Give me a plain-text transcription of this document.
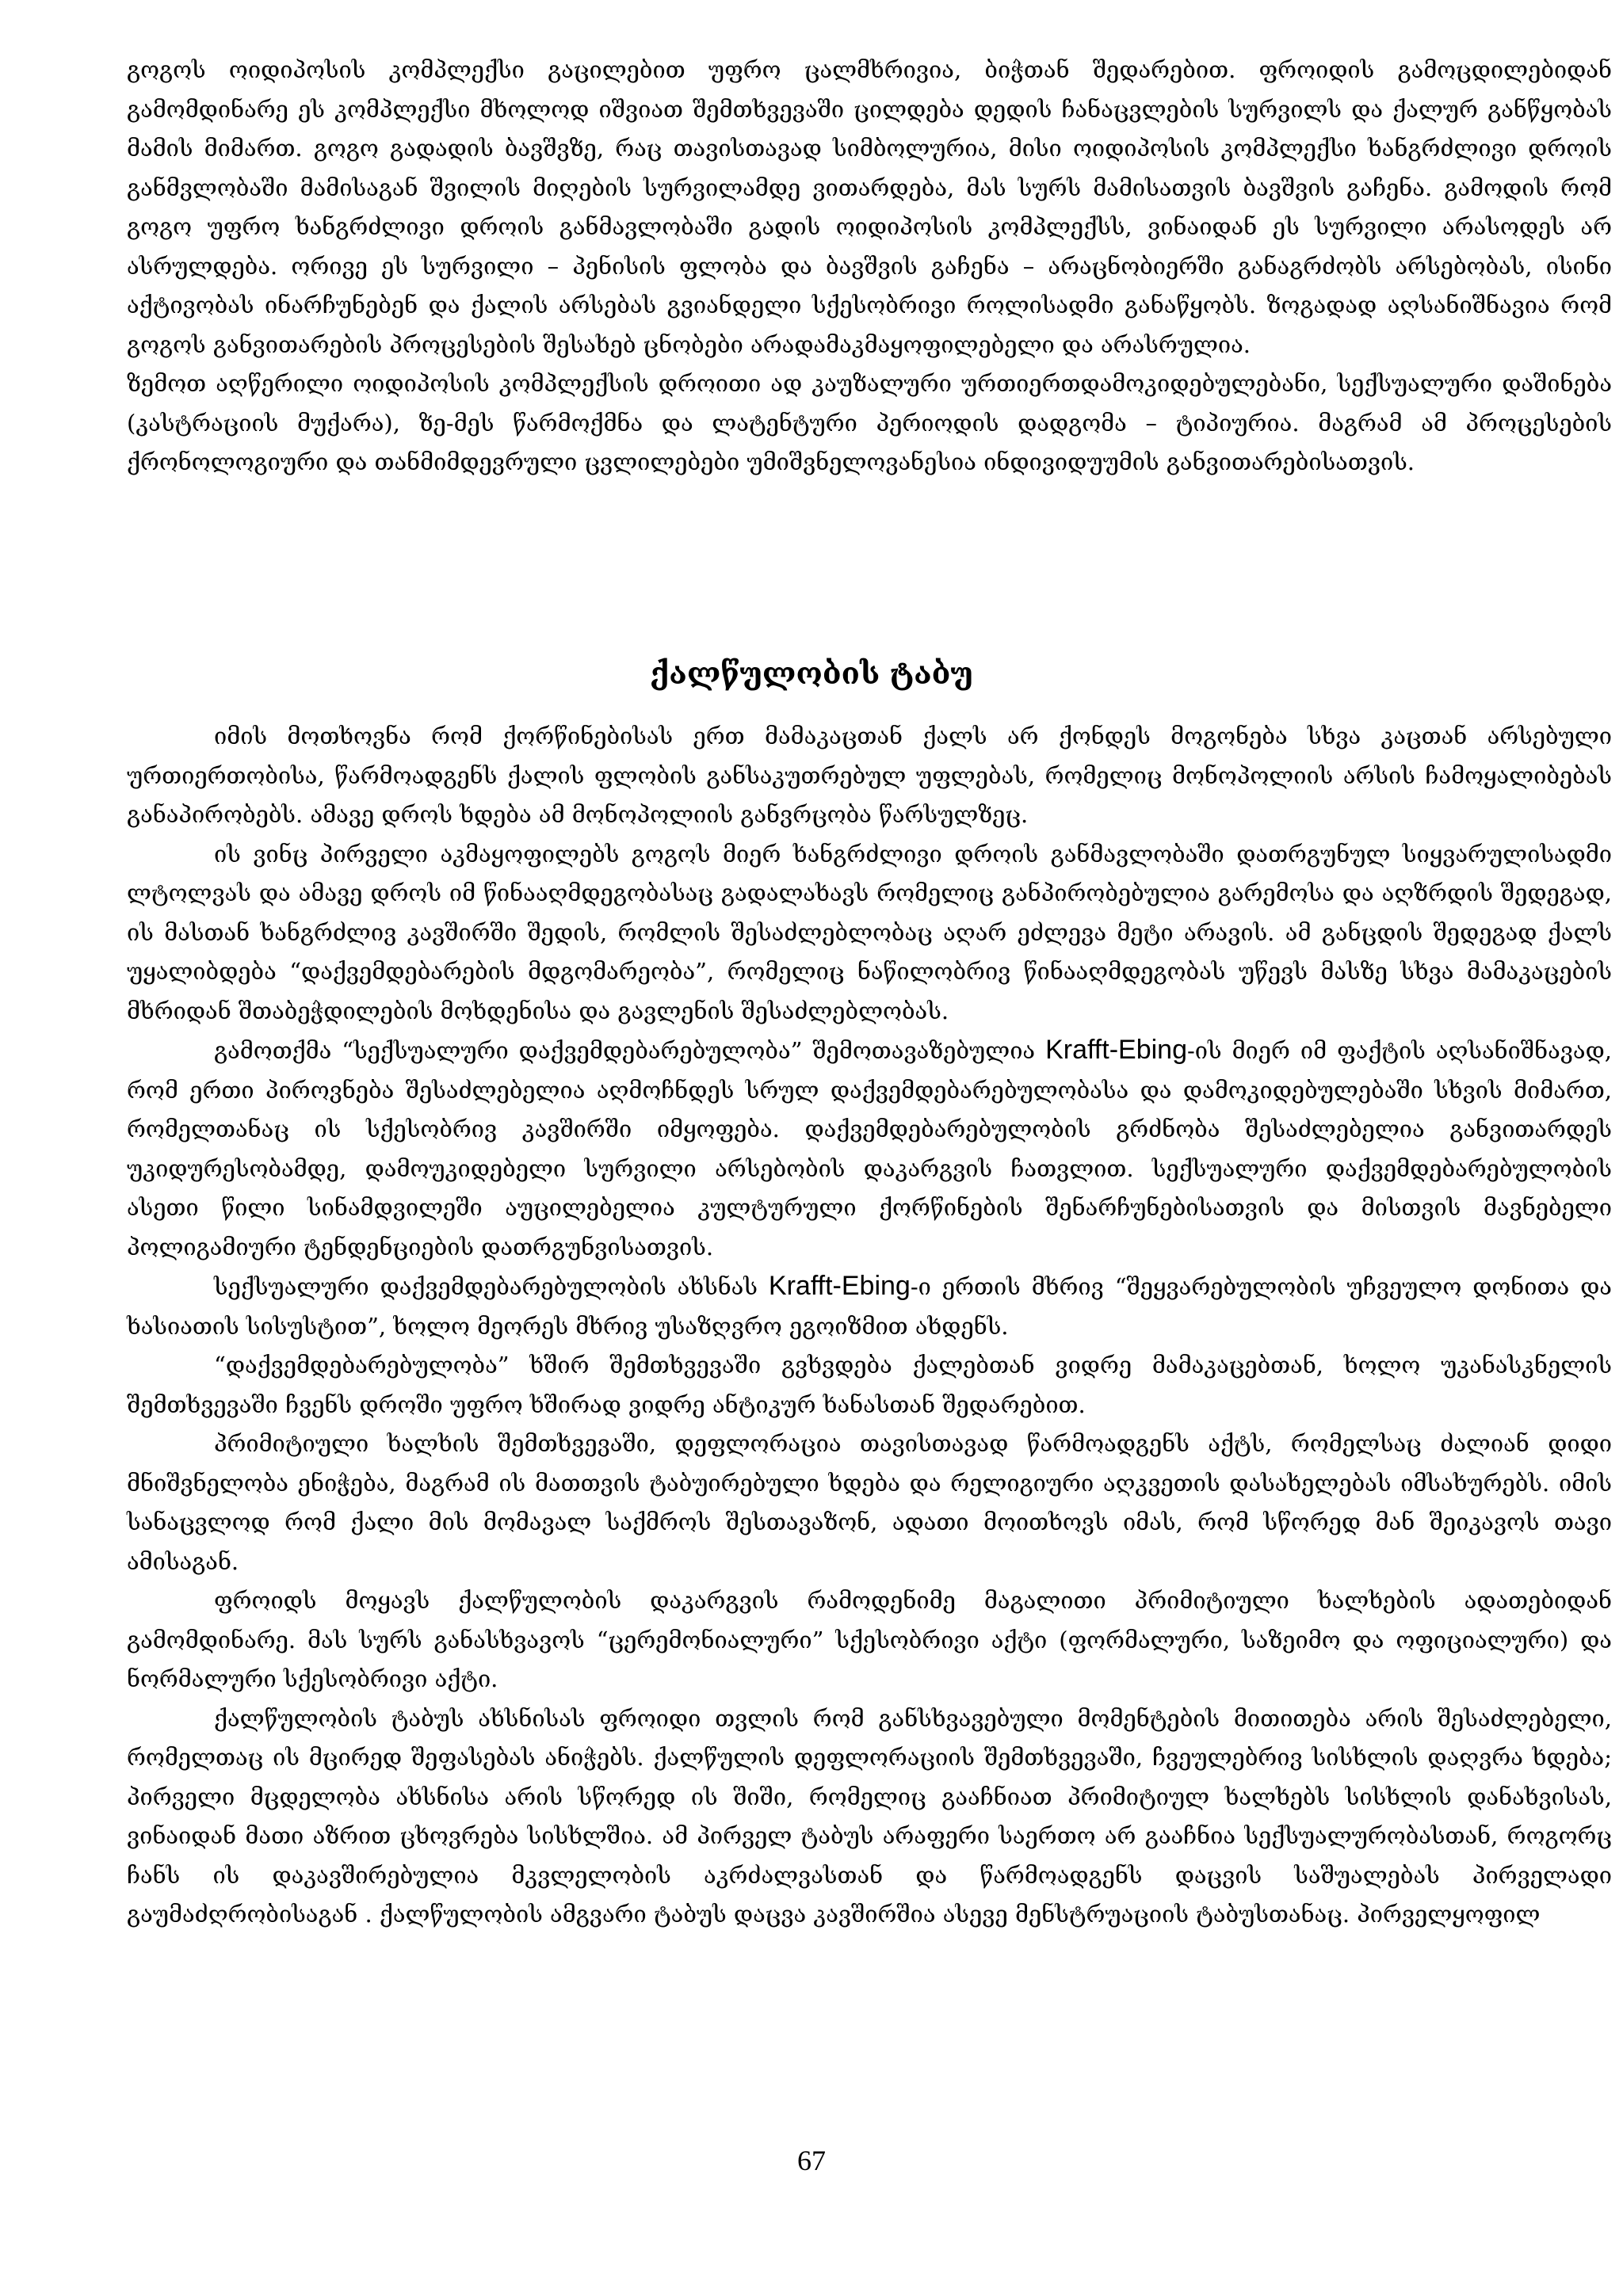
გოგოს ოიდიპოსის კომპლექსი გაცილებით უფრო ცალმხრივია, ბიჭთან შედარებით. ფროიდის გამოცდილებიდან გამომდინარე ეს კომპლექსი მხოლოდ იშვიათ შემთხვევაში ცილდება დედის ჩანაცვლების სურვილს და ქალურ განწყობას მამის მიმართ. გოგო გადადის ბავშვზე, რაც თავისთავად სიმბოლურია, მისი ოიდიპოსის კომპლექსი ხანგრძლივი დროის განმვლობაში მამისაგან შვილის მიღების სურვილამდე ვითარდება, მას სურს მამისათვის ბავშვის გაჩენა. გამოდის რომ გოგო უფრო ხანგრძლივი დროის განმავლობაში გადის ოიდიპოსის კომპლექსს, ვინაიდან ეს სურვილი არასოდეს არ ასრულდება. ორივე ეს სურვილი – პენისის ფლობა და ბავშვის გაჩენა – არაცნობიერში განაგრძობს არსებობას, ისინი აქტივობას ინარჩუნებენ და ქალის არსებას გვიანდელი სქესობრივი როლისადმი განაწყობს. ზოგადად აღსანიშნავია რომ გოგოს განვითარების პროცესების შესახებ ცნობები არადამაკმაყოფილებელი და არასრულია.

ზემოთ აღწერილი ოიდიპოსის კომპლექსის დროითი ად კაუზალური ურთიერთდამოკიდებულებანი, სექსუალური დაშინება (კასტრაციის მუქარა), ზე-მეს წარმოქმნა და ლატენტური პერიოდის დადგომა – ტიპიურია. მაგრამ ამ პროცესების ქრონოლოგიური და თანმიმდევრული ცვლილებები უმიშვნელოვანესია ინდივიდუუმის განვითარებისათვის.

ქალწულობის ტაბუ

იმის მოთხოვნა რომ ქორწინებისას ერთ მამაკაცთან ქალს არ ქონდეს მოგონება სხვა კაცთან არსებული ურთიერთობისა, წარმოადგენს ქალის ფლობის განსაკუთრებულ უფლებას, რომელიც მონოპოლიის არსის ჩამოყალიბებას განაპირობებს. ამავე დროს ხდება ამ მონოპოლიის განვრცობა წარსულზეც.

ის ვინც პირველი აკმაყოფილებს გოგოს მიერ ხანგრძლივი დროის განმავლობაში დათრგუნულ სიყვარულისადმი ლტოლვას და ამავე დროს იმ წინააღმდეგობასაც გადალახავს რომელიც განპირობებულია გარემოსა და აღზრდის შედეგად, ის მასთან ხანგრძლივ კავშირში შედის, რომლის შესაძლებლობაც აღარ ეძლევა მეტი არავის. ამ განცდის შედეგად ქალს უყალიბდება “დაქვემდებარების მდგომარეობა”, რომელიც ნაწილობრივ წინააღმდეგობას უწევს მასზე სხვა მამაკაცების მხრიდან შთაბეჭდილების მოხდენისა და გავლენის შესაძლებლობას.

გამოთქმა “სექსუალური დაქვემდებარებულობა” შემოთავაზებულია Krafft-Ebing-ის მიერ იმ ფაქტის აღსანიშნავად, რომ ერთი პიროვნება შესაძლებელია აღმოჩნდეს სრულ დაქვემდებარებულობასა და დამოკიდებულებაში სხვის მიმართ, რომელთანაც ის სქესობრივ კავშირში იმყოფება. დაქვემდებარებულობის გრძნობა შესაძლებელია განვითარდეს უკიდურესობამდე, დამოუკიდებელი სურვილი არსებობის დაკარგვის ჩათვლით. სექსუალური დაქვემდებარებულობის ასეთი წილი სინამდვილეში აუცილებელია კულტურული ქორწინების შენარჩუნებისათვის და მისთვის მავნებელი პოლიგამიური ტენდენციების დათრგუნვისათვის.

სექსუალური დაქვემდებარებულობის ახსნას Krafft-Ebing-ი ერთის მხრივ “შეყვარებულობის უჩვეულო დონითა და ხასიათის სისუსტით”, ხოლო მეორეს მხრივ უსაზღვრო ეგოიზმით ახდენს.

“დაქვემდებარებულობა” ხშირ შემთხვევაში გვხვდება ქალებთან ვიდრე მამაკაცებთან, ხოლო უკანასკნელის შემთხვევაში ჩვენს დროში უფრო ხშირად ვიდრე ანტიკურ ხანასთან შედარებით.

პრიმიტიული ხალხის შემთხვევაში, დეფლორაცია თავისთავად წარმოადგენს აქტს, რომელსაც ძალიან დიდი მნიშვნელობა ენიჭება, მაგრამ ის მათთვის ტაბუირებული ხდება და რელიგიური აღკვეთის დასახელებას იმსახურებს. იმის სანაცვლოდ რომ ქალი მის მომავალ საქმროს შესთავაზონ, ადათი მოითხოვს იმას, რომ სწორედ მან შეიკავოს თავი ამისაგან.

ფროიდს მოყავს ქალწულობის დაკარგვის რამოდენიმე მაგალითი პრიმიტიული ხალხების ადათებიდან გამომდინარე. მას სურს განასხვავოს “ცერემონიალური” სქესობრივი აქტი (ფორმალური, საზეიმო და ოფიციალური) და ნორმალური სქესობრივი აქტი.

ქალწულობის ტაბუს ახსნისას ფროიდი თვლის რომ განსხვავებული მომენტების მითითება არის შესაძლებელი, რომელთაც ის მცირედ შეფასებას ანიჭებს. ქალწულის დეფლორაციის შემთხვევაში, ჩვეულებრივ სისხლის დაღვრა ხდება; პირველი მცდელობა ახსნისა არის სწორედ ის შიში, რომელიც გააჩნიათ პრიმიტიულ ხალხებს სისხლის დანახვისას, ვინაიდან მათი აზრით ცხოვრება სისხლშია. ამ პირველ ტაბუს არაფერი საერთო არ გააჩნია სექსუალურობასთან, როგორც ჩანს ის დაკავშირებულია მკვლელობის აკრძალვასთან და წარმოადგენს დაცვის საშუალებას პირველადი გაუმაძღრობისაგან . ქალწულობის ამგვარი ტაბუს დაცვა კავშირშია ასევე მენსტრუაციის ტაბუსთანაც. პირველყოფილ

67
